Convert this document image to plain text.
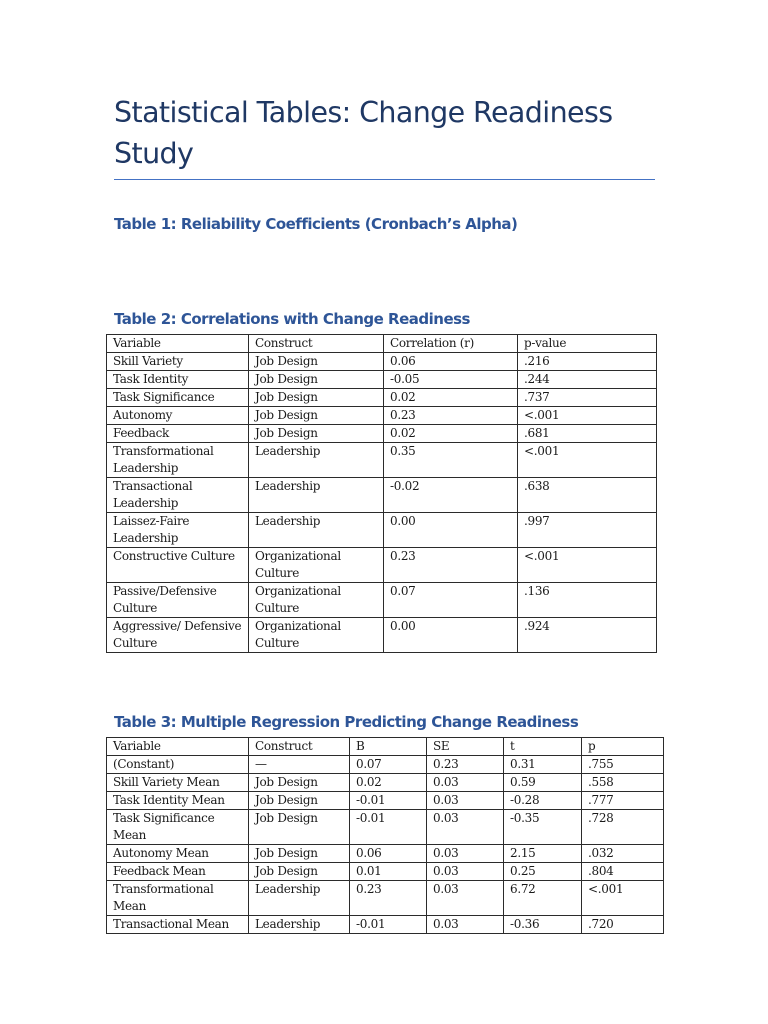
Statistical Tables: Change Readiness Study
Table 1: Reliability Coefficients (Cronbach’s Alpha)
Table 2: Correlations with Change Readiness
Variable	Construct	Correlation (r)	p-value
Skill Variety	Job Design	0.06	.216
Task Identity	Job Design	-0.05	.244
Task Significance	Job Design	0.02	.737
Autonomy	Job Design	0.23	<.001
Feedback	Job Design	0.02	.681
Transformational Leadership	Leadership	0.35	<.001
Transactional Leadership	Leadership	-0.02	.638
Laissez-Faire Leadership	Leadership	0.00	.997
Constructive Culture	Organizational Culture	0.23	<.001
Passive/Defensive Culture	Organizational Culture	0.07	.136
Aggressive/ Defensive Culture	Organizational Culture	0.00	.924
Table 3: Multiple Regression Predicting Change Readiness
Variable	Construct	B	SE	t	p
(Constant)	—	0.07	0.23	0.31	.755
Skill Variety Mean	Job Design	0.02	0.03	0.59	.558
Task Identity Mean	Job Design	-0.01	0.03	-0.28	.777
Task Significance Mean	Job Design	-0.01	0.03	-0.35	.728
Autonomy Mean	Job Design	0.06	0.03	2.15	.032
Feedback Mean	Job Design	0.01	0.03	0.25	.804
Transformational Mean	Leadership	0.23	0.03	6.72	<.001
Transactional Mean	Leadership	-0.01	0.03	-0.36	.720
